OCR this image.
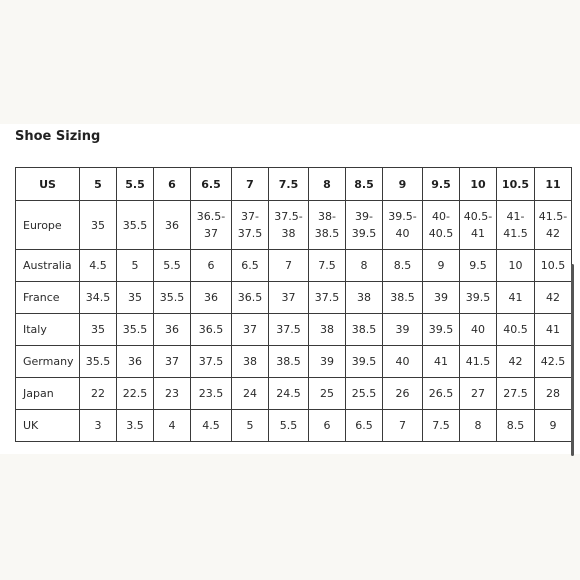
Shoe Sizing
US	5	5.5	6	6.5	7	7.5	8	8.5	9	9.5	10	10.5	11
Europe	35	35.5	36	36.5-37	37-37.5	37.5-38	38-38.5	39-39.5	39.5-40	40-40.5	40.5-41	41-41.5	41.5-42
Australia	4.5	5	5.5	6	6.5	7	7.5	8	8.5	9	9.5	10	10.5
France	34.5	35	35.5	36	36.5	37	37.5	38	38.5	39	39.5	41	42
Italy	35	35.5	36	36.5	37	37.5	38	38.5	39	39.5	40	40.5	41
Germany	35.5	36	37	37.5	38	38.5	39	39.5	40	41	41.5	42	42.5
Japan	22	22.5	23	23.5	24	24.5	25	25.5	26	26.5	27	27.5	28
UK	3	3.5	4	4.5	5	5.5	6	6.5	7	7.5	8	8.5	9
